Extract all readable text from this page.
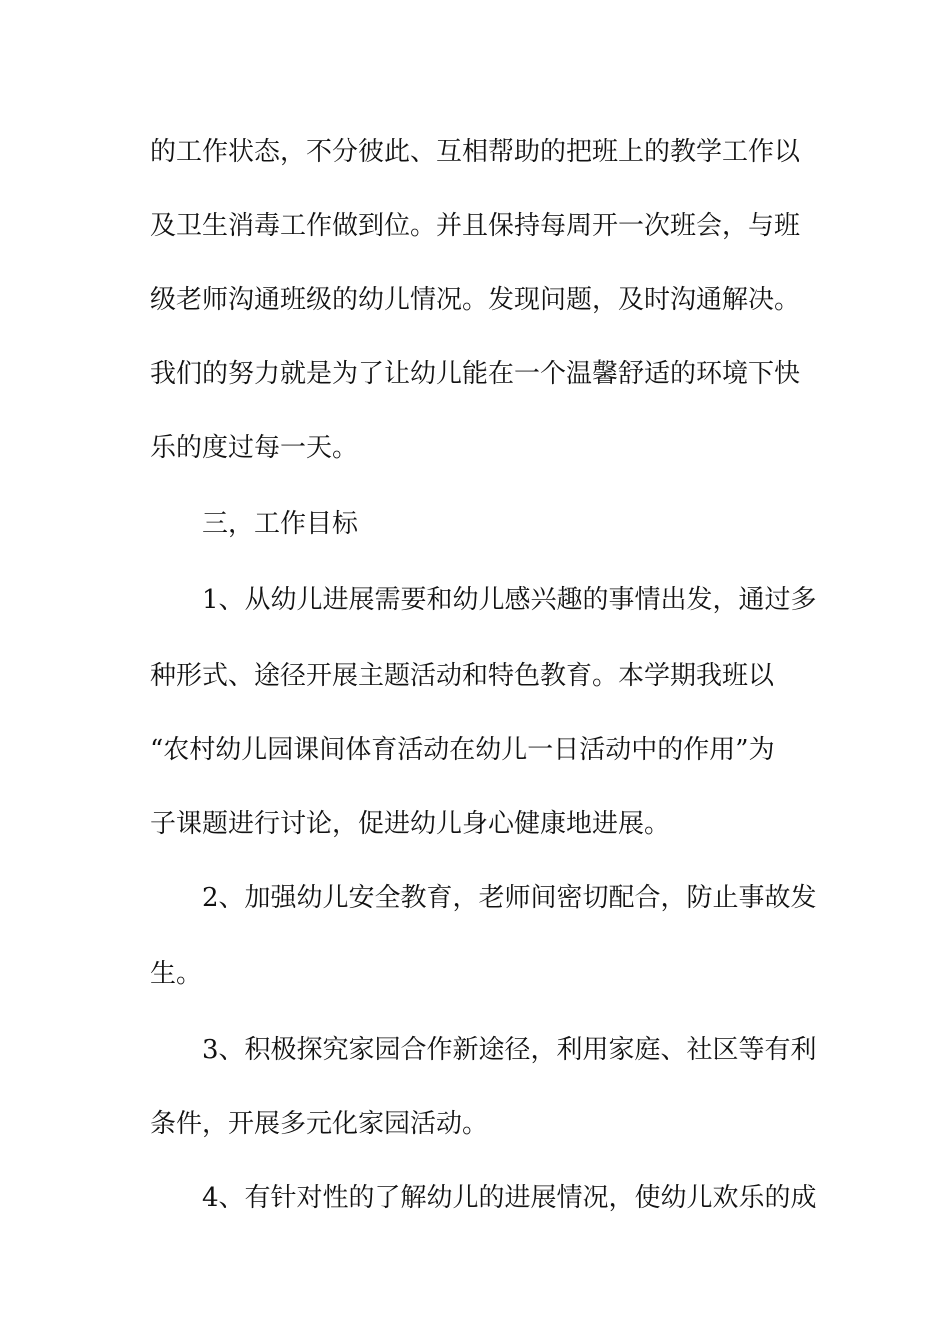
的工作状态，不分彼此、互相帮助的把班上的教学工作以
及卫生消毒工作做到位。并且保持每周开一次班会，与班
级老师沟通班级的幼儿情况。发现问题，及时沟通解决。
我们的努力就是为了让幼儿能在一个温馨舒适的环境下快
乐的度过每一天。
三，工作目标
1、从幼儿进展需要和幼儿感兴趣的事情出发，通过多
种形式、途径开展主题活动和特色教育。本学期我班以
“农村幼儿园课间体育活动在幼儿一日活动中的作用”为
子课题进行讨论，促进幼儿身心健康地进展。
2、加强幼儿安全教育，老师间密切配合，防止事故发
生。
3、积极探究家园合作新途径，利用家庭、社区等有利
条件，开展多元化家园活动。
4、有针对性的了解幼儿的进展情况，使幼儿欢乐的成
